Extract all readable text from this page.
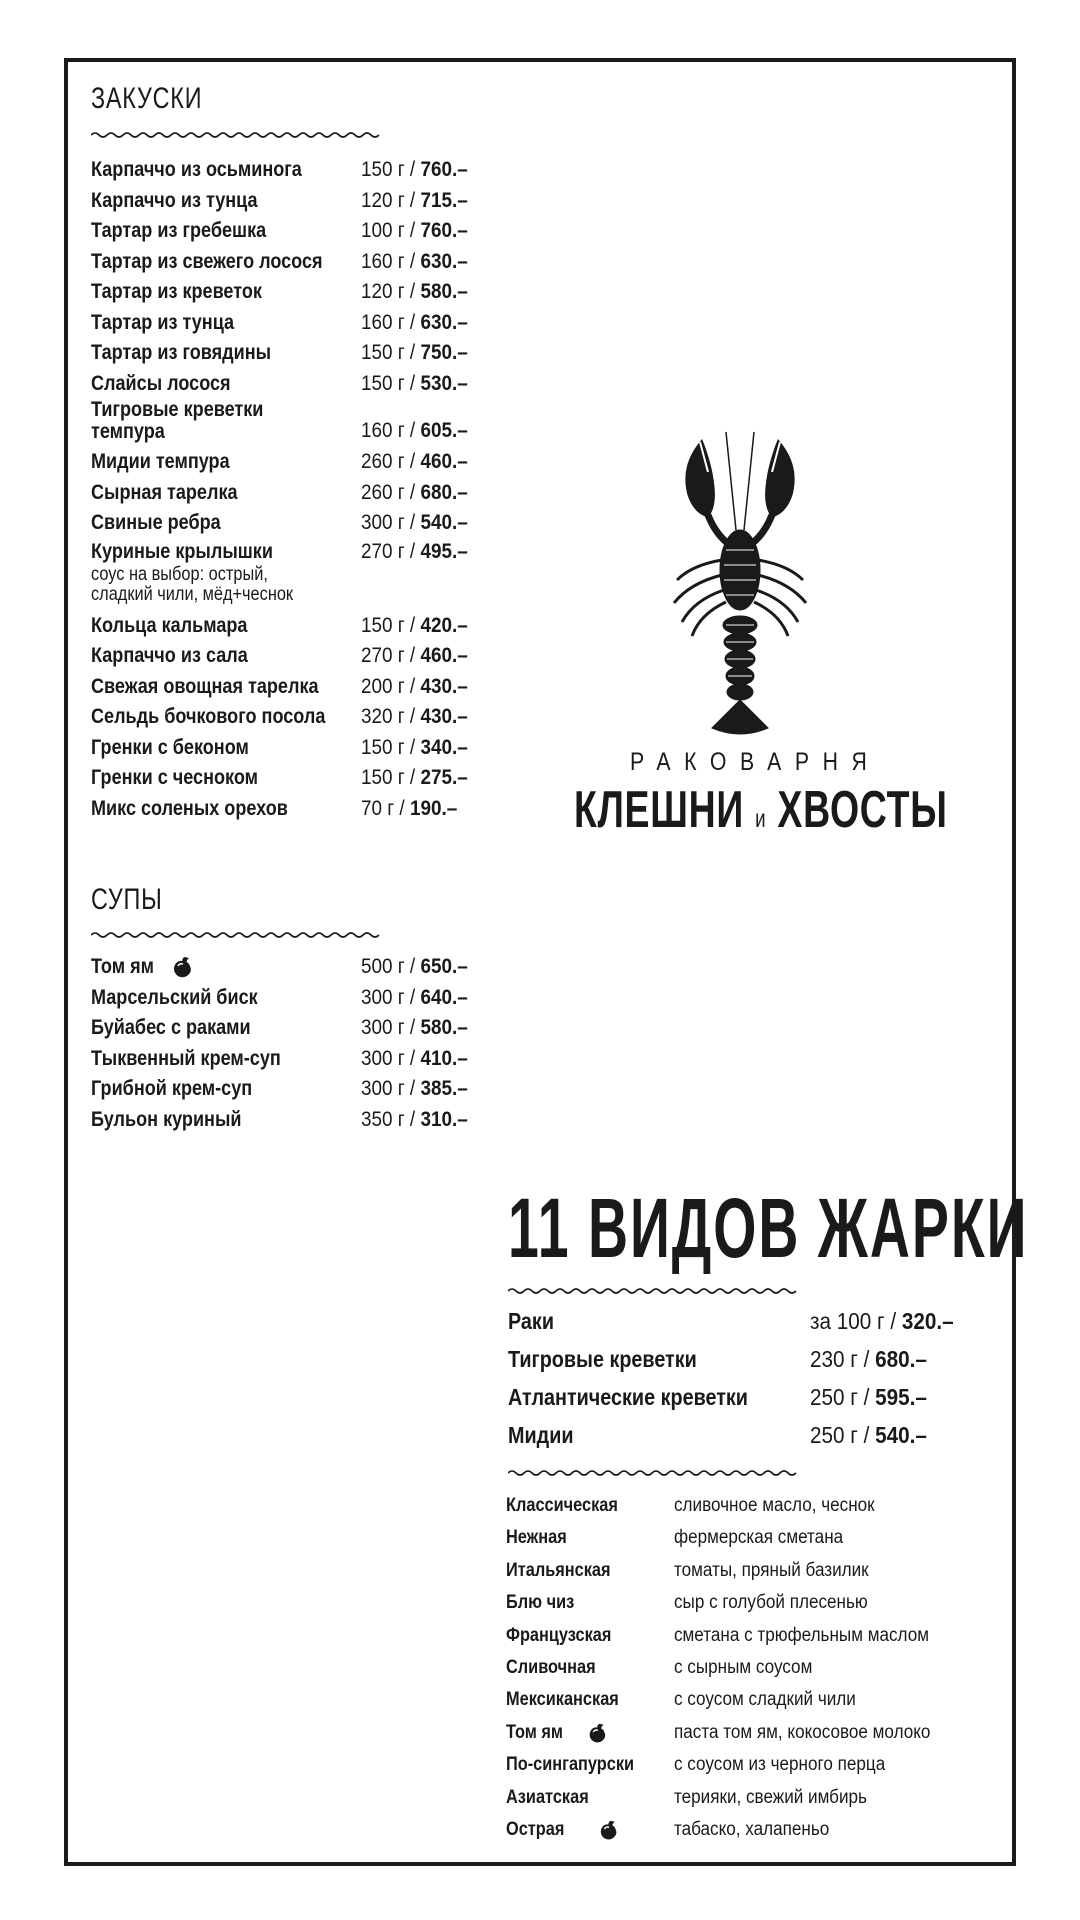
ЗАКУСКИ
Карпаччо из осьминога	150 г / 760.–
Карпаччо из тунца	120 г / 715.–
Тартар из гребешка	100 г / 760.–
Тартар из свежего лосося 160 г / 630.–
Тартар из креветок	120 г / 580.–
Тартар из тунца	160 г / 630.–
Тартар из говядины	150 г / 750.–
Слайсы лосося	150 г / 530.–
Тигровые креветки
темпура	160 г / 605.–
Мидии темпура	260 г / 460.–
Сырная тарелка	260 г / 680.–
Свиные ребра	300 г / 540.–
Куриные крылышки
соус на выбор: острый,
сладкий чили, мёд+чеснок
270 г / 495.–
Кольца кальмара	150 г / 420.–
Карпаччо из сала	270 г / 460.–
Свежая овощная тарелка 200 г / 430.–
Сельдь бочкового посола 320 г / 430.–
Гренки с беконом	150 г / 340.–
Гренки с чесноком	150 г / 275.–
Микс соленых орехов	70 г / 190.–
СУПЫ
Том ям	500 г / 650.–
Марсельский биск	300 г / 640.–
Буйабес с раками	300 г / 580.–
Тыквенный крем-суп	300 г / 410.–
Грибной крем-суп	300 г / 385.–
Бульон куриный	350 г / 310.–
РАКОВАРНЯ
КЛЕШНИ и ХВОСТЫ
11 ВИДОВ ЖАРКИ
Раки	за 100 г / 320.–
Тигровые креветки	230 г / 680.–
Атлантические креветки	250 г / 595.–
Мидии	250 г / 540.–
Классическая	сливочное масло, чеснок
Нежная	фермерская сметана
Итальянская	томаты, пряный базилик
Блю чиз	сыр с голубой плесенью
Французская	сметана с трюфельным маслом
Сливочная	с сырным соусом
Мексиканская	с соусом сладкий чили
Том ям	паста том ям, кокосовое молоко
По-сингапурски	с соусом из черного перца
Азиатская	терияки, свежий имбирь
Острая	табаско, халапеньо
